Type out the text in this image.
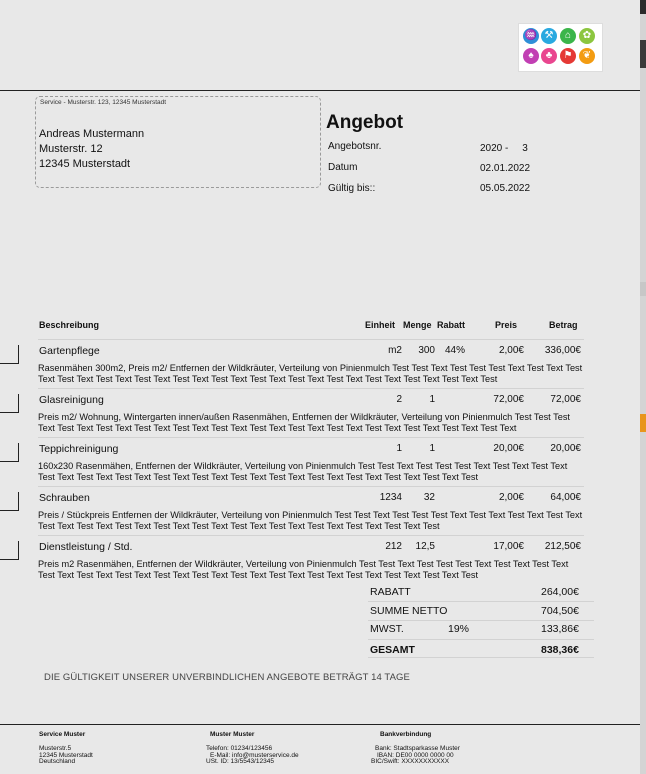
♒ ⚒	⌂	✿
♠	♣	⚑	❦
Service - Musterstr. 123, 12345 Musterstadt
Andreas Mustermann
Musterstr. 12
12345 Musterstadt
Angebot
Angebotsnr.	2020 -     3
Datum	02.01.2022
Gültig bis::	05.05.2022
Beschreibung	Einheit Menge Rabatt	Preis	Betrag
Gartenpflege	m2 300 44%	2,00€ 336,00€
Rasenmähen 300m2, Preis m2/ Entfernen der Wildkräuter, Verteilung von Pinienmulch Test Test Text Test Test Test Text Test Text Test Text Test Text Test Text Test Text Test Text Test Text Test Text Test Text Test Text Test Text Test Text Test Text Test
Glasreinigung	2	1	72,00€	72,00€
Preis m2/ Wohnung, Wintergarten innen/außen Rasenmähen, Entfernen der Wildkräuter, Verteilung von Pinienmulch Test Test Test Text Test Text Test Text Test Text Test Text Test Text Test Text Test Text Test Text Test Text Test Text Test Text Test Text
Teppichreinigung	1	1	20,00€	20,00€
160x230 Rasenmähen, Entfernen der Wildkräuter, Verteilung von Pinienmulch Test Test Text Test Test Test Text Test Text Test Text Test Text Test Text Test Text Test Text Test Text Test Text Test Text Test Text Test Text Test Text Test Text Test
Schrauben	1234 32	2,00€	64,00€
Preis / Stückpreis Entfernen der Wildkräuter, Verteilung von Pinienmulch Test Test Text Test Test Test Text Test Text Test Text Test Text Test Text Test Text Test Text Test Text Test Text Test Text Test Text Test Text Test Text Test Text Test
Dienstleistung / Std.	212 12,5	17,00€ 212,50€
Preis m2 Rasenmähen, Entfernen der Wildkräuter, Verteilung von Pinienmulch Test Test Text Test Test Test Text Test Text Test Text Test Text Test Text Test Text Test Text Test Text Test Text Test Text Test Text Test Text Test Text Test Text Test
RABATT	264,00€
SUMME NETTO	704,50€
MWST.	19%	133,86€
GESAMT	838,36€
DIE GÜLTIGKEIT UNSERER UNVERBINDLICHEN ANGEBOTE BETRÄGT 14 TAGE
Service Muster
Musterstr.5
12345 Musterstadt
Deutschland
Muster Muster
Telefon: 01234/123456
E-Mail: info@musterservice.de
USt. ID: 13/5543/12345
Bankverbindung
Bank: Stadtsparkasse Muster
IBAN: DE00 0000 0000 00
BIC/Swift: XXXXXXXXXXX
